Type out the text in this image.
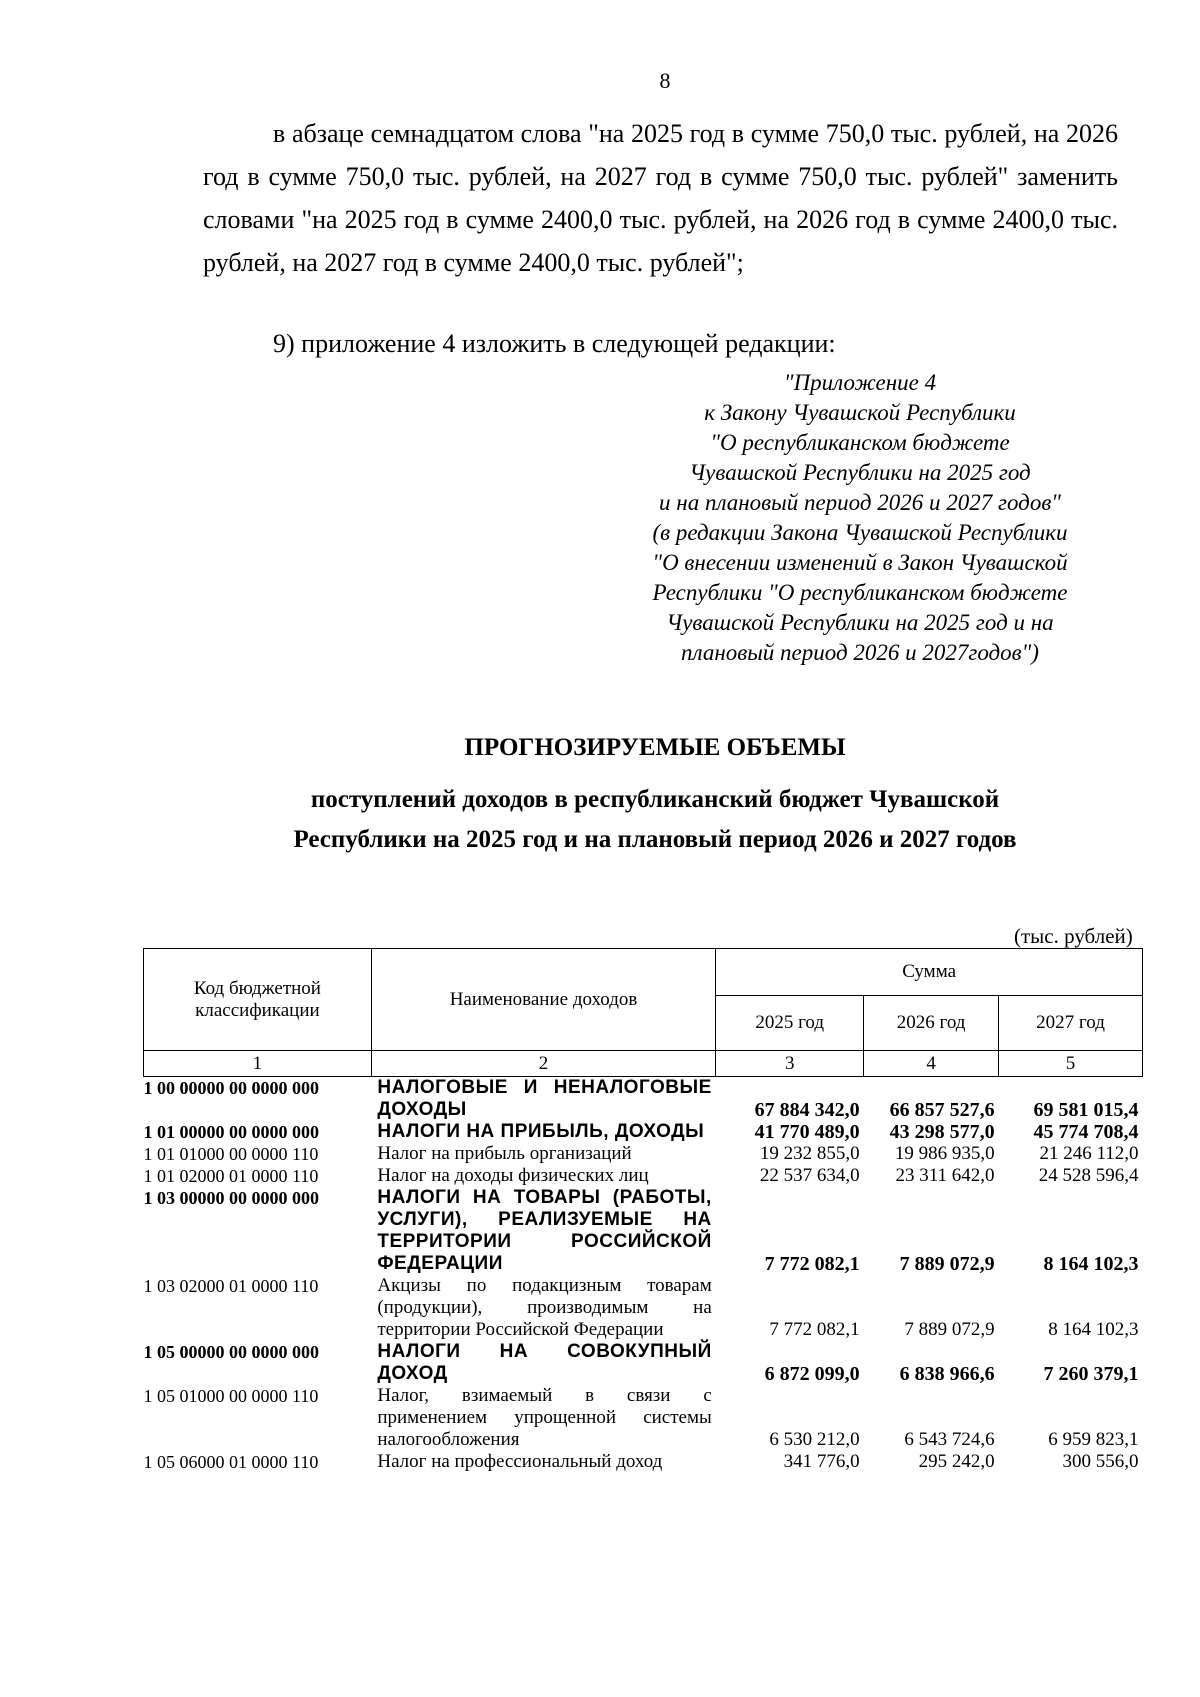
8

в абзаце семнадцатом слова "на 2025 год в сумме 750,0 тыс. рублей, на 2026 год в сумме 750,0 тыс. рублей, на 2027 год в сумме 750,0 тыс. рублей" заменить словами "на 2025 год в сумме 2400,0 тыс. рублей, на 2026 год в сумме 2400,0 тыс. рублей, на 2027 год в сумме 2400,0 тыс. рублей";

9) приложение 4 изложить в следующей редакции:

"Приложение 4
к Закону Чувашской Республики
"О республиканском бюджете
Чувашской Республики на 2025 год
и на плановый период 2026 и 2027 годов"
(в редакции Закона Чувашской Республики
"О внесении изменений в Закон Чувашской
Республики "О республиканском бюджете
Чувашской Республики на 2025 год и на
плановый период 2026 и 2027годов")
ПРОГНОЗИРУЕМЫЕ ОБЪЕМЫ
поступлений доходов в республиканский бюджет Чувашской
Республики на 2025 год и на плановый период 2026 и 2027 годов
(тыс. рублей)
Код бюджетной классификации	Наименование доходов	Сумма		
		2025 год	2026 год	2027 год
1	2	3	4	5
1 00 00000 00 0000 000	НАЛОГОВЫЕ И НЕНАЛОГОВЫЕ ДОХОДЫ	67 884 342,0	66 857 527,6	69 581 015,4
1 01 00000 00 0000 000	НАЛОГИ НА ПРИБЫЛЬ, ДОХОДЫ	41 770 489,0	43 298 577,0	45 774 708,4
1 01 01000 00 0000 110	Налог на прибыль организаций	19 232 855,0	19 986 935,0	21 246 112,0
1 01 02000 01 0000 110	Налог на доходы физических лиц	22 537 634,0	23 311 642,0	24 528 596,4
1 03 00000 00 0000 000	НАЛОГИ НА ТОВАРЫ (РАБОТЫ, УСЛУГИ), РЕАЛИЗУЕМЫЕ НА ТЕРРИТОРИИ РОССИЙСКОЙ ФЕДЕРАЦИИ	7 772 082,1	7 889 072,9	8 164 102,3
1 03 02000 01 0000 110	Акцизы по подакцизным товарам (продукции), производимым на территории Российской Федерации	7 772 082,1	7 889 072,9	8 164 102,3
1 05 00000 00 0000 000	НАЛОГИ НА СОВОКУПНЫЙ ДОХОД	6 872 099,0	6 838 966,6	7 260 379,1
1 05 01000 00 0000 110	Налог, взимаемый в связи с применением упрощенной системы налогообложения	6 530 212,0	6 543 724,6	6 959 823,1
1 05 06000 01 0000 110	Налог на профессиональный доход	341 776,0	295 242,0	300 556,0
